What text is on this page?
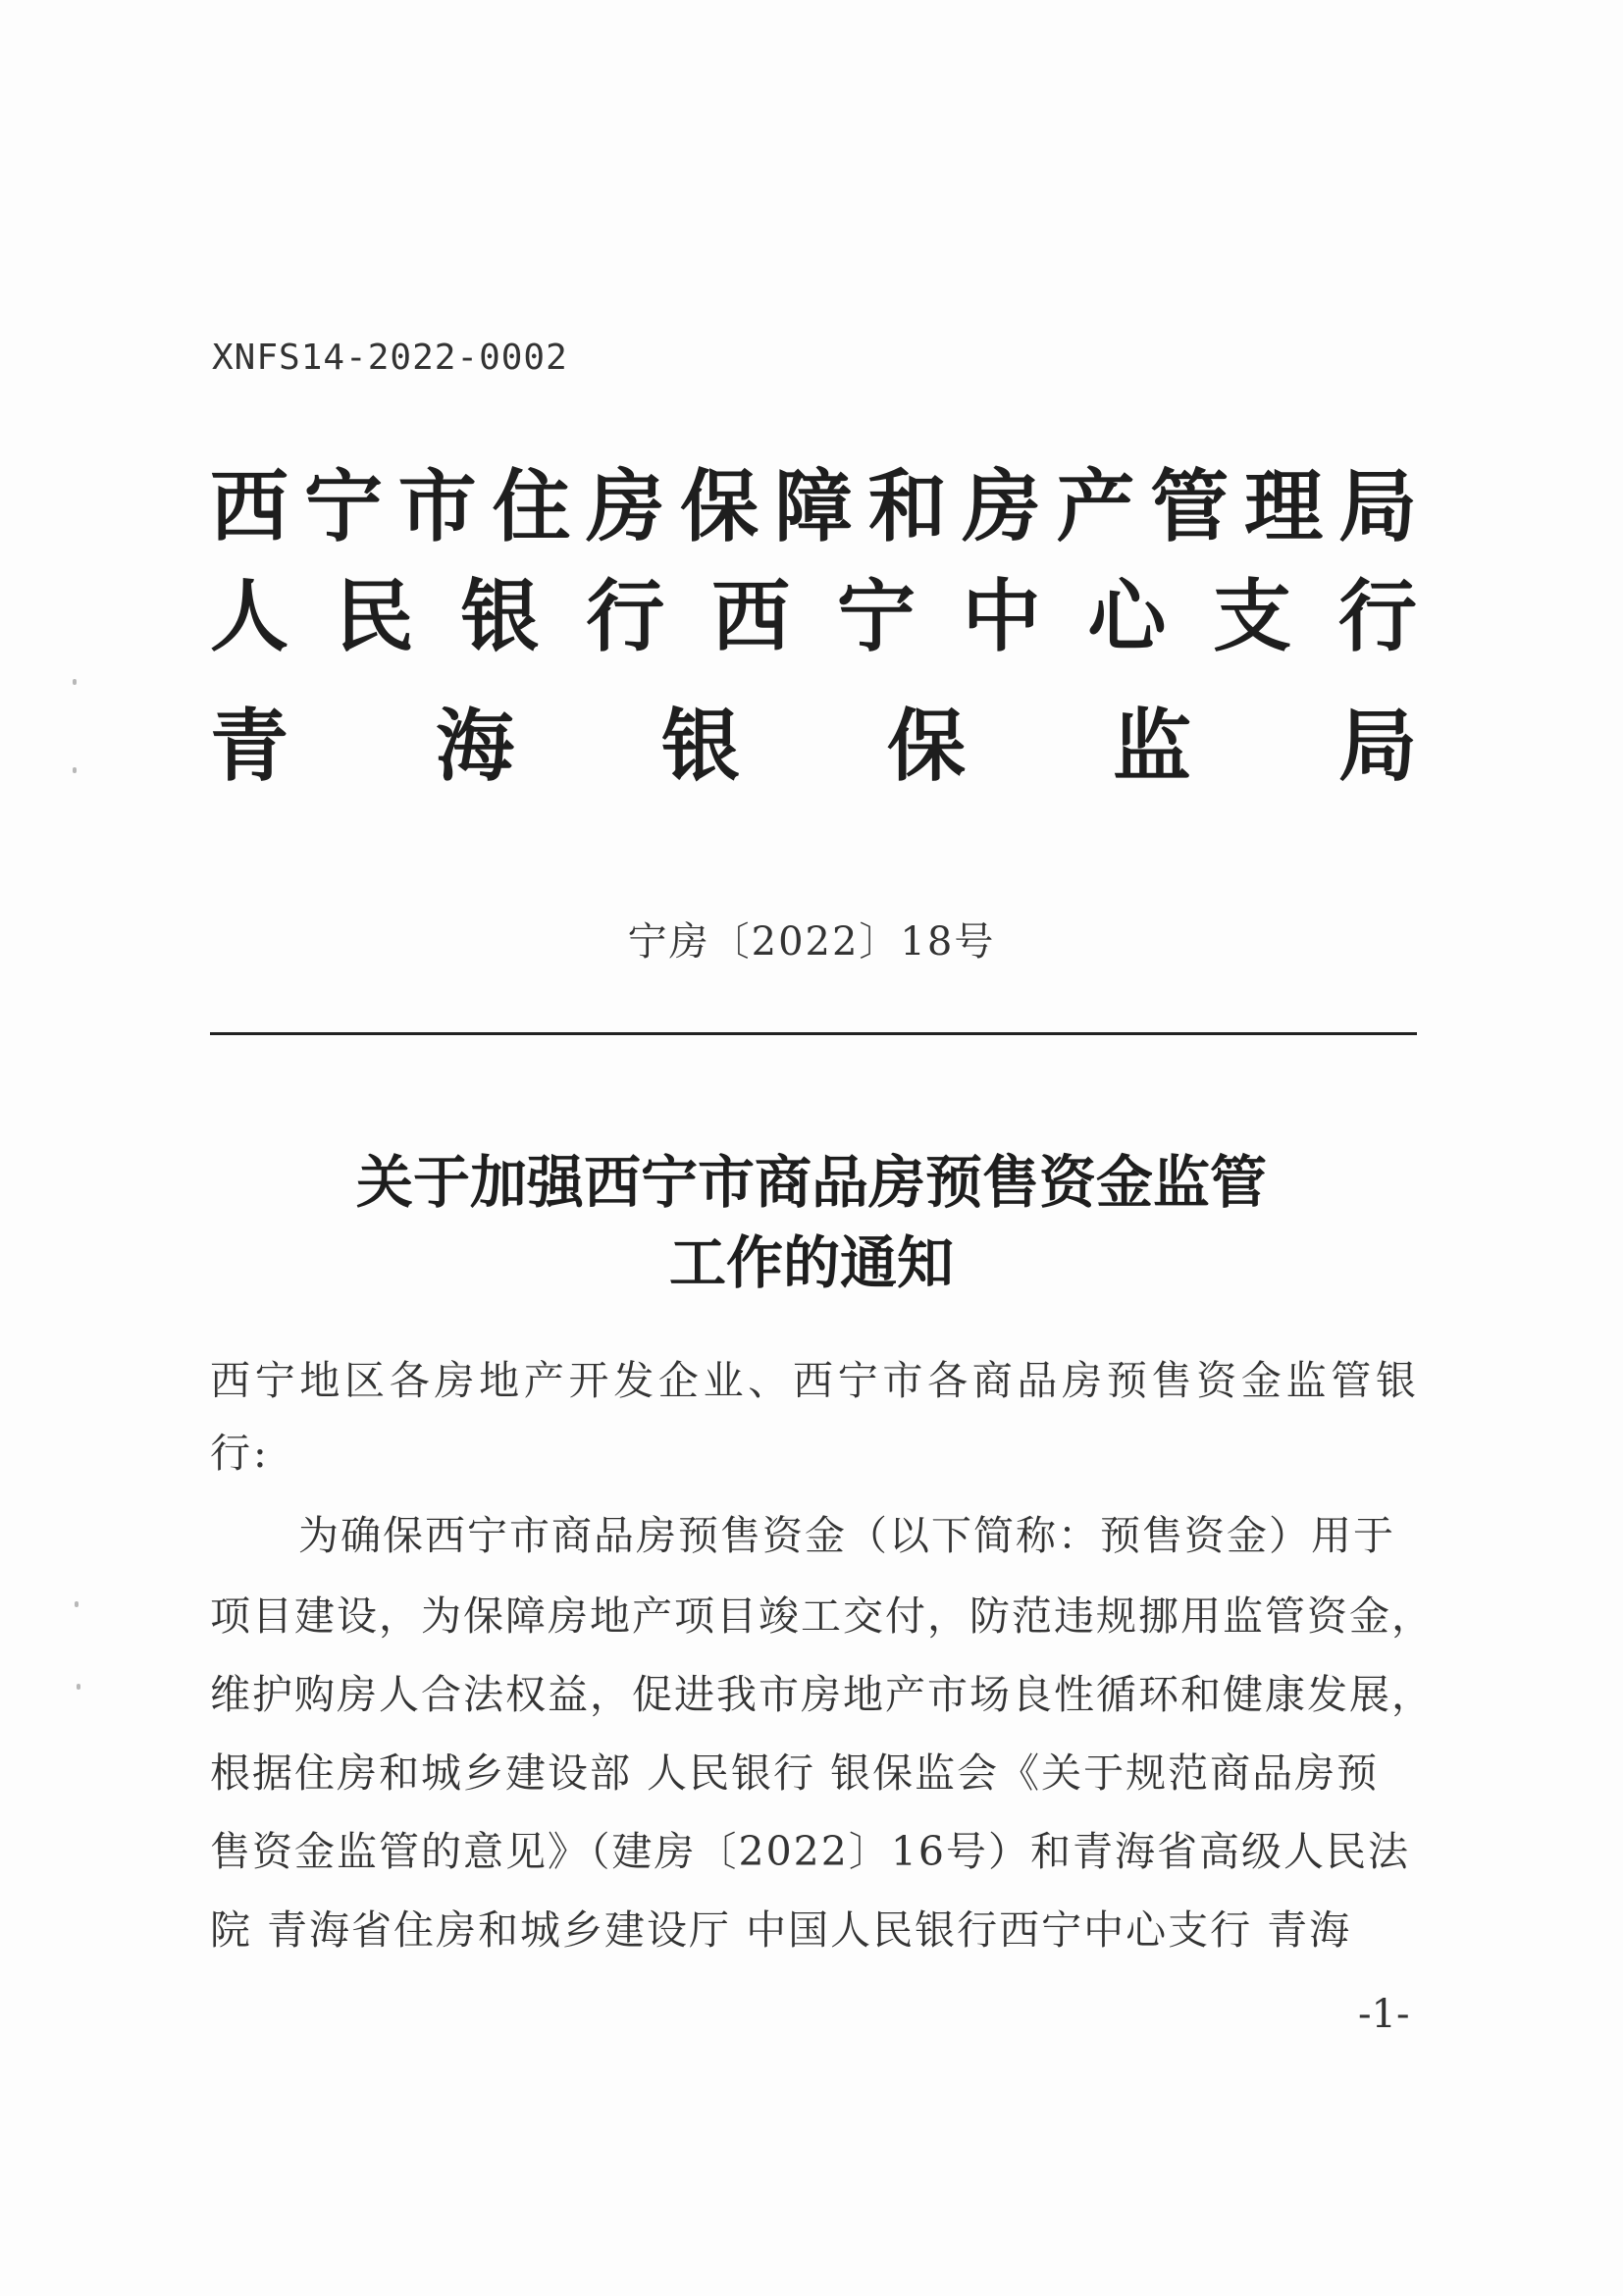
XNFS14-2022-0002
西 宁 市 住 房 保 障 和 房 产 管 理 局
人 民 银 行 西 宁 中 心 支 行
青 海 银 保 监 局
宁房〔2022〕18号
关于加强西宁市商品房预售资金监管
工作的通知
西宁地区各房地产开发企业、西宁市各商品房预售资金监管银行:
为确保西宁市商品房预售资金（以下简称：预售资金）用于
项目建设，为保障房地产项目竣工交付，防范违规挪用监管资金，
维护购房人合法权益，促进我市房地产市场良性循环和健康发展，
根据住房和城乡建设部 人民银行 银保监会《关于规范商品房预
售资金监管的意见》（建房〔2022〕16号）和青海省高级人民法
院 青海省住房和城乡建设厅 中国人民银行西宁中心支行 青海
-1-
